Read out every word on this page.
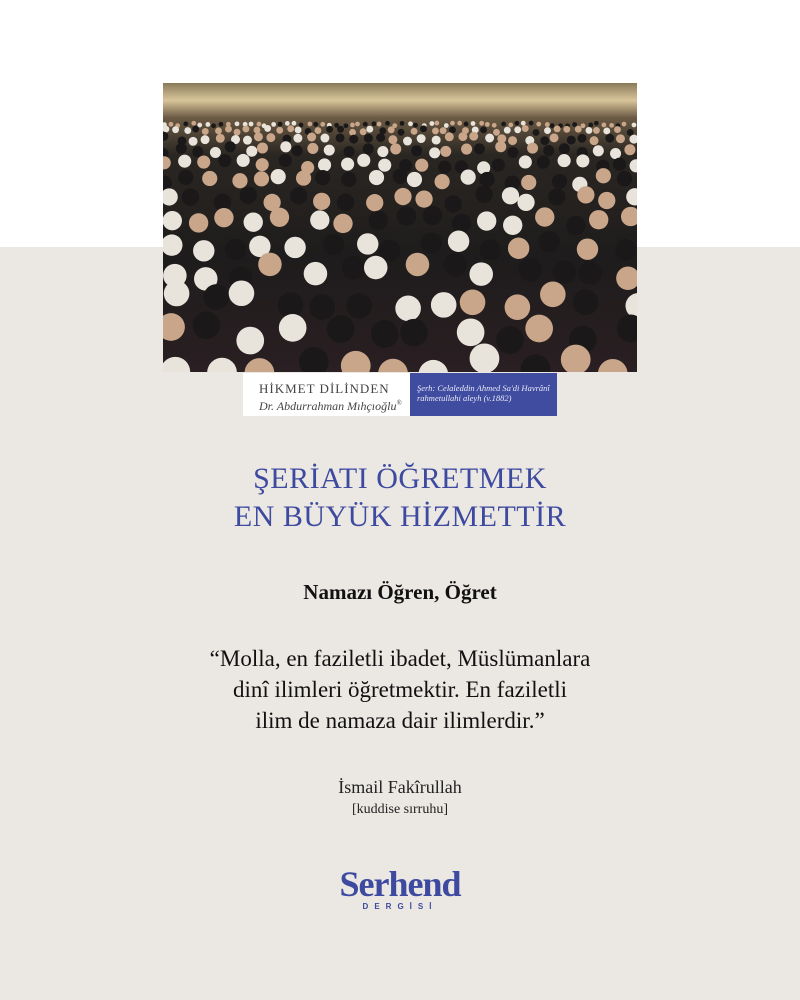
HİKMET DİLİNDEN
Dr. Abdurrahman Mıhçıoğlu®
Şerh: Celaleddin Ahmed Sa'di Havrânî
rahmetullahi aleyh (v.1882)
ŞERİATI ÖĞRETMEK
EN BÜYÜK HİZMETTİR
Namazı Öğren, Öğret
“Molla, en faziletli ibadet, Müslümanlara
dinî ilimleri öğretmektir. En faziletli
ilim de namaza dair ilimlerdir.”
İsmail Fakîrullah
[kuddise sırruhu]
Serhend
DERGİSİ
